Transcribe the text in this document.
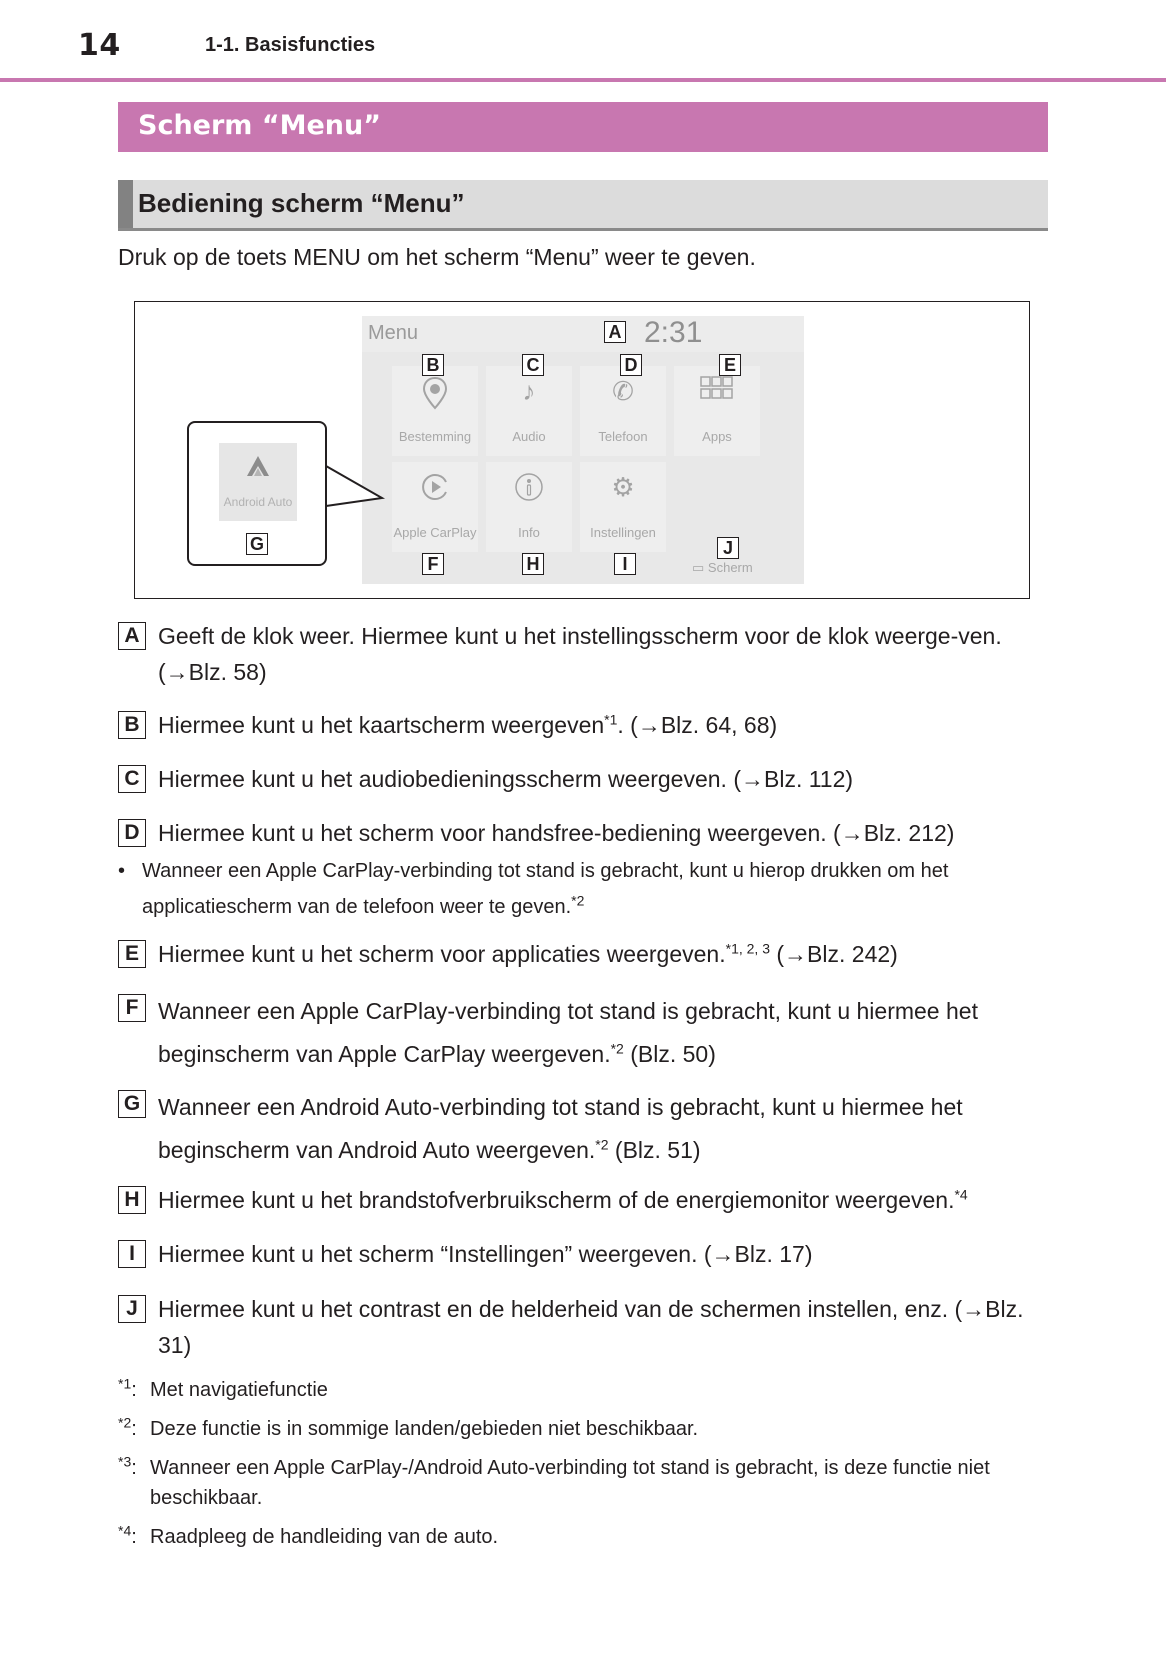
14	1-1. Basisfuncties
Scherm “Menu”
Bediening scherm “Menu”
Druk op de toets MENU om het scherm “Menu” weer te geven.
Menu	2:31
Bestemming
♪
Audio
✆
Telefoon	Apps
Apple CarPlay	Info
⚙
Instellingen
▭ Scherm
Android Auto
A
B	C	D	E
F	H	I
J
G
A Geeft de klok weer. Hiermee kunt u het instellingsscherm voor de klok weerge-ven. (→Blz. 58)
B Hiermee kunt u het kaartscherm weergeven$^{*1}$. (→Blz. 64, 68)
C Hiermee kunt u het audiobedieningsscherm weergeven. (→Blz. 112)
D Hiermee kunt u het scherm voor handsfree-bediening weergeven. (→Blz. 212)
• Wanneer een Apple CarPlay-verbinding tot stand is gebracht, kunt u hierop drukken om het applicatiescherm van de telefoon weer te geven.$^{*2}$
E Hiermee kunt u het scherm voor applicaties weergeven.$^{*1, 2, 3}$ (→Blz. 242)
F Wanneer een Apple CarPlay-verbinding tot stand is gebracht, kunt u hiermee het beginscherm van Apple CarPlay weergeven.$^{*2}$ (Blz. 50)
G Wanneer een Android Auto-verbinding tot stand is gebracht, kunt u hiermee het beginscherm van Android Auto weergeven.$^{*2}$ (Blz. 51)
H Hiermee kunt u het brandstofverbruikscherm of de energiemonitor weergeven.$^{*4}$
I	Hiermee kunt u het scherm “Instellingen” weergeven. (→Blz. 17)
J Hiermee kunt u het contrast en de helderheid van de schermen instellen, enz. (→Blz. 31)
$^{*1}$: Met navigatiefunctie
$^{*2}$: Deze functie is in sommige landen/gebieden niet beschikbaar.
$^{*3}$: Wanneer een Apple CarPlay-/Android Auto-verbinding tot stand is gebracht, is deze functie niet beschikbaar.
$^{*4}$: Raadpleeg de handleiding van de auto.
